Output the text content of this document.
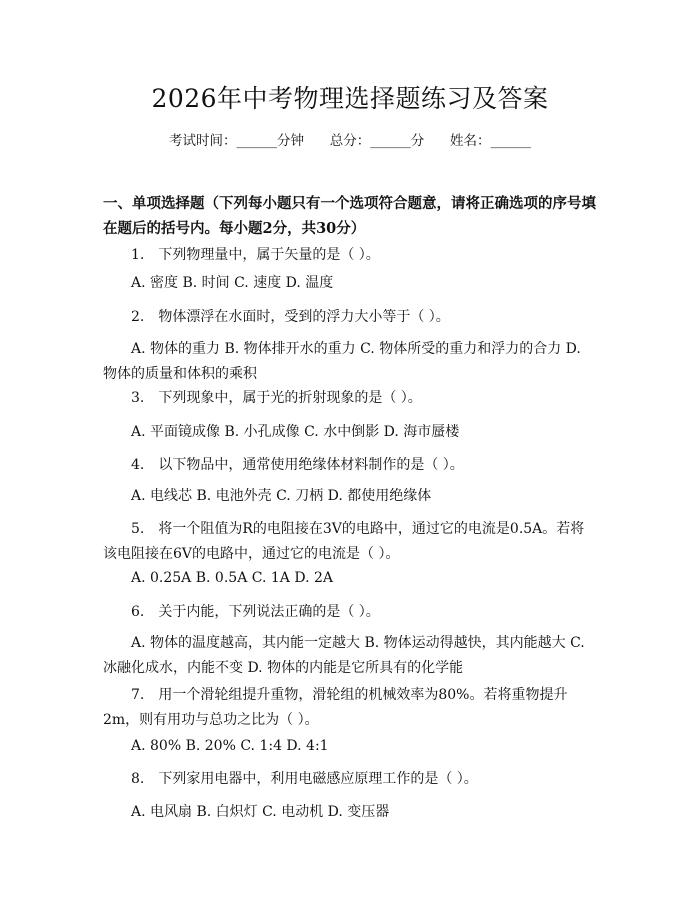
2026年中考物理选择题练习及答案
考试时间：______分钟 总分：______分 姓名：______
一、单项选择题（下列每小题只有一个选项符合题意，请将正确选项的序号填在题后的括号内。每小题2分，共30分）
1.　下列物理量中，属于矢量的是（ ）。
A. 密度 B. 时间 C. 速度 D. 温度
2.　物体漂浮在水面时，受到的浮力大小等于（ ）。
A. 物体的重力 B. 物体排开水的重力 C. 物体所受的重力和浮力的合力 D. 物体的质量和体积的乘积
3.　下列现象中，属于光的折射现象的是（ ）。
A. 平面镜成像 B. 小孔成像 C. 水中倒影 D. 海市蜃楼
4.　以下物品中，通常使用绝缘体材料制作的是（ ）。
A. 电线芯 B. 电池外壳 C. 刀柄 D. 都使用绝缘体
5.　将一个阻值为R的电阻接在3V的电路中，通过它的电流是0.5A。若将该电阻接在6V的电路中，通过它的电流是（ ）。
A. 0.25A B. 0.5A C. 1A D. 2A
6.　关于内能，下列说法正确的是（ ）。
A. 物体的温度越高，其内能一定越大 B. 物体运动得越快，其内能越大 C. 冰融化成水，内能不变 D. 物体的内能是它所具有的化学能
7.　用一个滑轮组提升重物，滑轮组的机械效率为80%。若将重物提升2m，则有用功与总功之比为（ ）。
A. 80% B. 20% C. 1:4 D. 4:1
8.　下列家用电器中，利用电磁感应原理工作的是（ ）。
A. 电风扇 B. 白炽灯 C. 电动机 D. 变压器
